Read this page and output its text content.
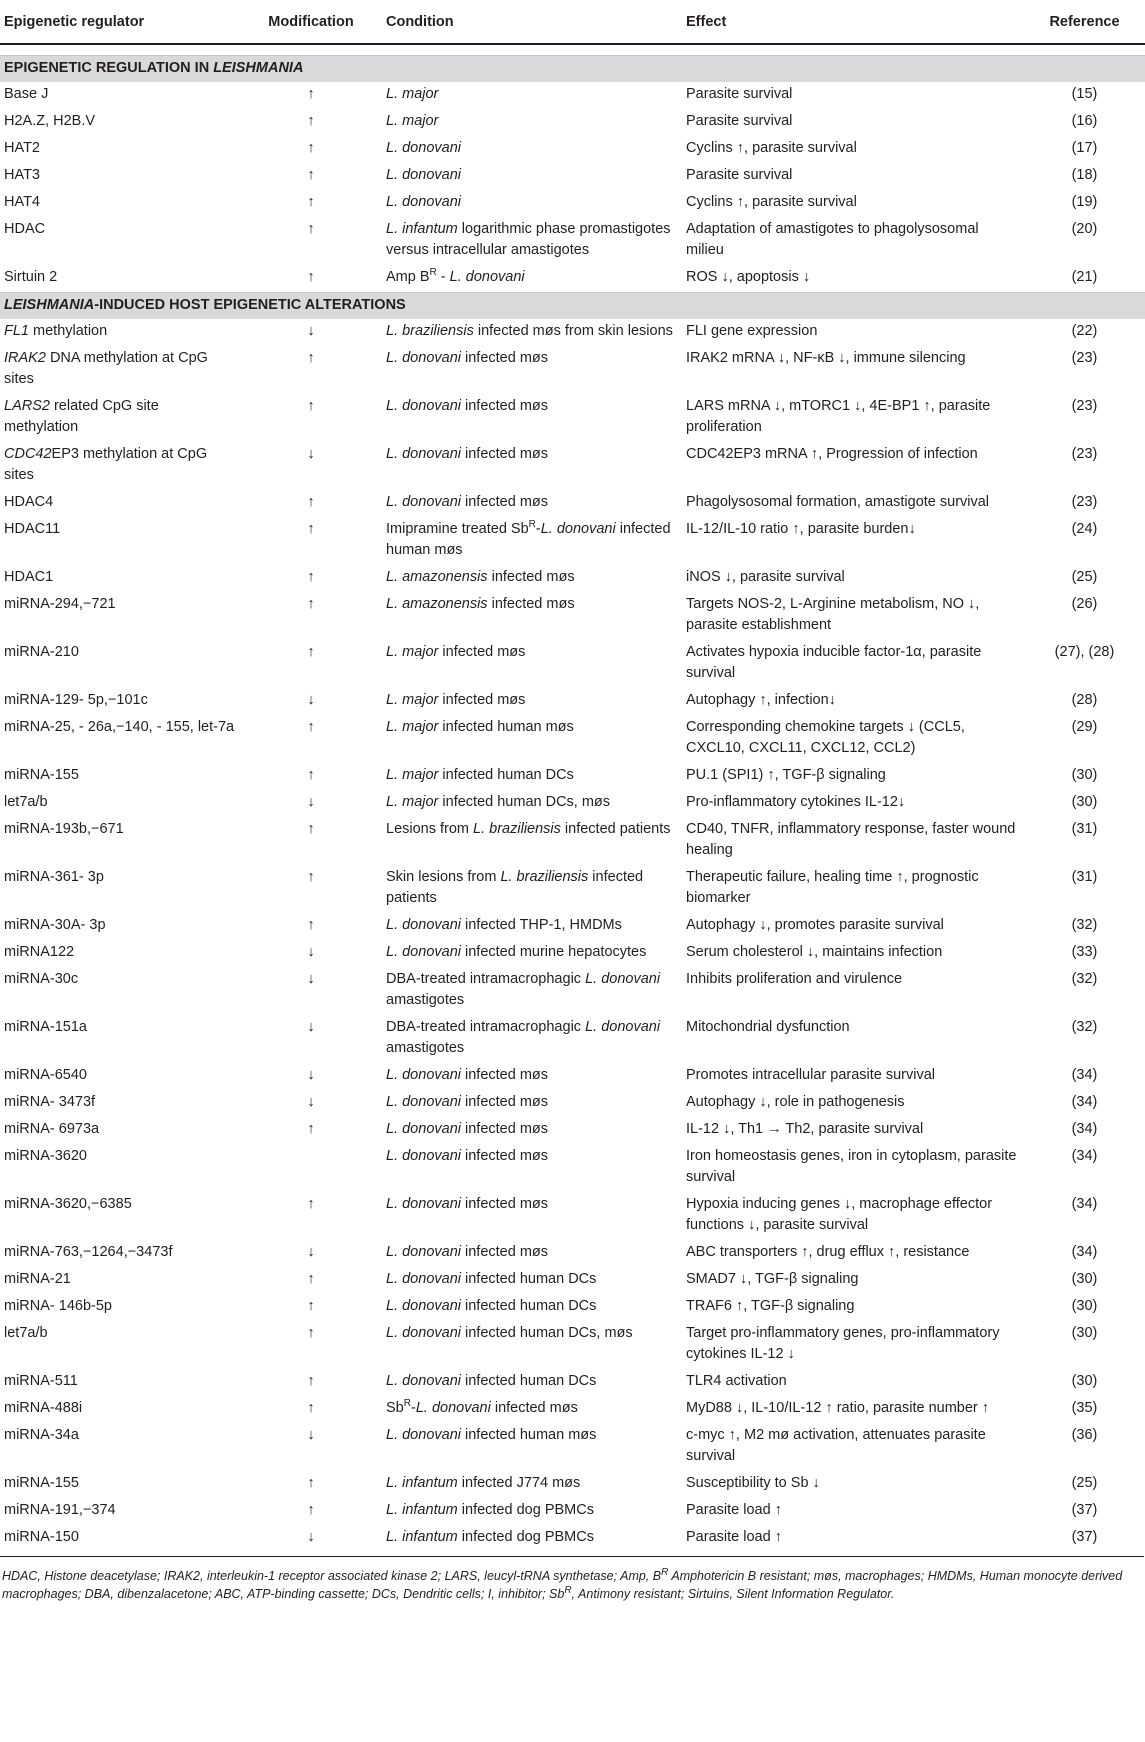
Epigenetic regulator	Modification	Condition	Effect	Reference

EPIGENETIC REGULATION IN LEISHMANIA				
Base J	↑	L. major	Parasite survival	(15)
H2A.Z, H2B.V	↑	L. major	Parasite survival	(16)
HAT2	↑	L. donovani	Cyclins ↑, parasite survival	(17)
HAT3	↑	L. donovani	Parasite survival	(18)
HAT4	↑	L. donovani	Cyclins ↑, parasite survival	(19)
HDAC	↑	L. infantum logarithmic phase promastigotes versus intracellular amastigotes	Adaptation of amastigotes to phagolysosomal milieu	(20)
Sirtuin 2	↑	Amp $B^R$ - L. donovani	ROS ↓, apoptosis ↓	(21)
LEISHMANIA-INDUCED HOST EPIGENETIC ALTERATIONS				
FL1 methylation	↓	L. braziliensis infected møs from skin lesions	FLI gene expression	(22)
IRAK2 DNA methylation at CpG sites	↑	L. donovani infected møs	IRAK2 mRNA ↓, NF-κB ↓, immune silencing	(23)
LARS2 related CpG site methylation	↑	L. donovani infected møs	LARS mRNA ↓, mTORC1 ↓, 4E-BP1 ↑, parasite proliferation	(23)
CDC42EP3 methylation at CpG sites	↓	L. donovani infected møs	CDC42EP3 mRNA ↑, Progression of infection	(23)
HDAC4	↑	L. donovani infected møs	Phagolysosomal formation, amastigote survival	(23)
HDAC11	↑	Imipramine treated $Sb^R-L$. donovani infected human møs	IL-12/IL-10 ratio ↑, parasite burden↓	(24)
HDAC1	↑	L. amazonensis infected møs	iNOS ↓, parasite survival	(25)
miRNA-294,−721	↑	L. amazonensis infected møs	Targets NOS-2, L-Arginine metabolism, NO ↓, parasite establishment	(26)
miRNA-210	↑	L. major infected møs	Activates hypoxia inducible factor-1α, parasite survival	(27), (28)
miRNA-129- 5p,−101c	↓	L. major infected møs	Autophagy ↑, infection↓	(28)
miRNA-25, - 26a,−140, - 155, let-7a	↑	L. major infected human møs	Corresponding chemokine targets ↓ (CCL5, CXCL10, CXCL11, CXCL12, CCL2)	(29)
miRNA-155	↑	L. major infected human DCs	PU.1 (SPI1) ↑, TGF-β signaling	(30)
let7a/b	↓	L. major infected human DCs, møs	Pro-inflammatory cytokines IL-12↓	(30)
miRNA-193b,−671	↑	Lesions from L. braziliensis infected patients	CD40, TNFR, inflammatory response, faster wound healing	(31)
miRNA-361- 3p	↑	Skin lesions from L. braziliensis infected patients	Therapeutic failure, healing time ↑, prognostic biomarker	(31)
miRNA-30A- 3p	↑	L. donovani infected THP-1, HMDMs	Autophagy ↓, promotes parasite survival	(32)
miRNA122	↓	L. donovani infected murine hepatocytes	Serum cholesterol ↓, maintains infection	(33)
miRNA-30c	↓	DBA-treated intramacrophagic L. donovani amastigotes	Inhibits proliferation and virulence	(32)
miRNA-151a	↓	DBA-treated intramacrophagic L. donovani amastigotes	Mitochondrial dysfunction	(32)
miRNA-6540	↓	L. donovani infected møs	Promotes intracellular parasite survival	(34)
miRNA- 3473f	↓	L. donovani infected møs	Autophagy ↓, role in pathogenesis	(34)
miRNA- 6973a	↑	L. donovani infected møs	IL-12 ↓, Th1 → Th2, parasite survival	(34)
miRNA-3620		L. donovani infected møs	Iron homeostasis genes, iron in cytoplasm, parasite survival	(34)
miRNA-3620,−6385	↑	L. donovani infected møs	Hypoxia inducing genes ↓, macrophage effector functions ↓, parasite survival	(34)
miRNA-763,−1264,−3473f	↓	L. donovani infected møs	ABC transporters ↑, drug efflux ↑, resistance	(34)
miRNA-21	↑	L. donovani infected human DCs	SMAD7 ↓, TGF-β signaling	(30)
miRNA- 146b-5p	↑	L. donovani infected human DCs	TRAF6 ↑, TGF-β signaling	(30)
let7a/b	↑	L. donovani infected human DCs, møs	Target pro-inflammatory genes, pro-inflammatory cytokines IL-12 ↓	(30)
miRNA-511	↑	L. donovani infected human DCs	TLR4 activation	(30)
miRNA-488i	↑	$Sb^R-L$. donovani infected møs	MyD88 ↓, IL-10/IL-12 ↑ ratio, parasite number ↑	(35)
miRNA-34a	↓	L. donovani infected human møs	c-myc ↑, M2 mø activation, attenuates parasite survival	(36)
miRNA-155	↑	L. infantum infected J774 møs	Susceptibility to Sb ↓	(25)
miRNA-191,−374	↑	L. infantum infected dog PBMCs	Parasite load ↑	(37)
miRNA-150	↓	L. infantum infected dog PBMCs	Parasite load ↑	(37)
HDAC, Histone deacetylase; IRAK2, interleukin-1 receptor associated kinase 2; LARS, leucyl-tRNA synthetase; Amp, $B^R$ Amphotericin B resistant; møs, macrophages; HMDMs, Human monocyte derived macrophages; DBA, dibenzalacetone; ABC, ATP-binding cassette; DCs, Dendritic cells; I, inhibitor; $Sb^R$, Antimony resistant; Sirtuins, Silent Information Regulator.
